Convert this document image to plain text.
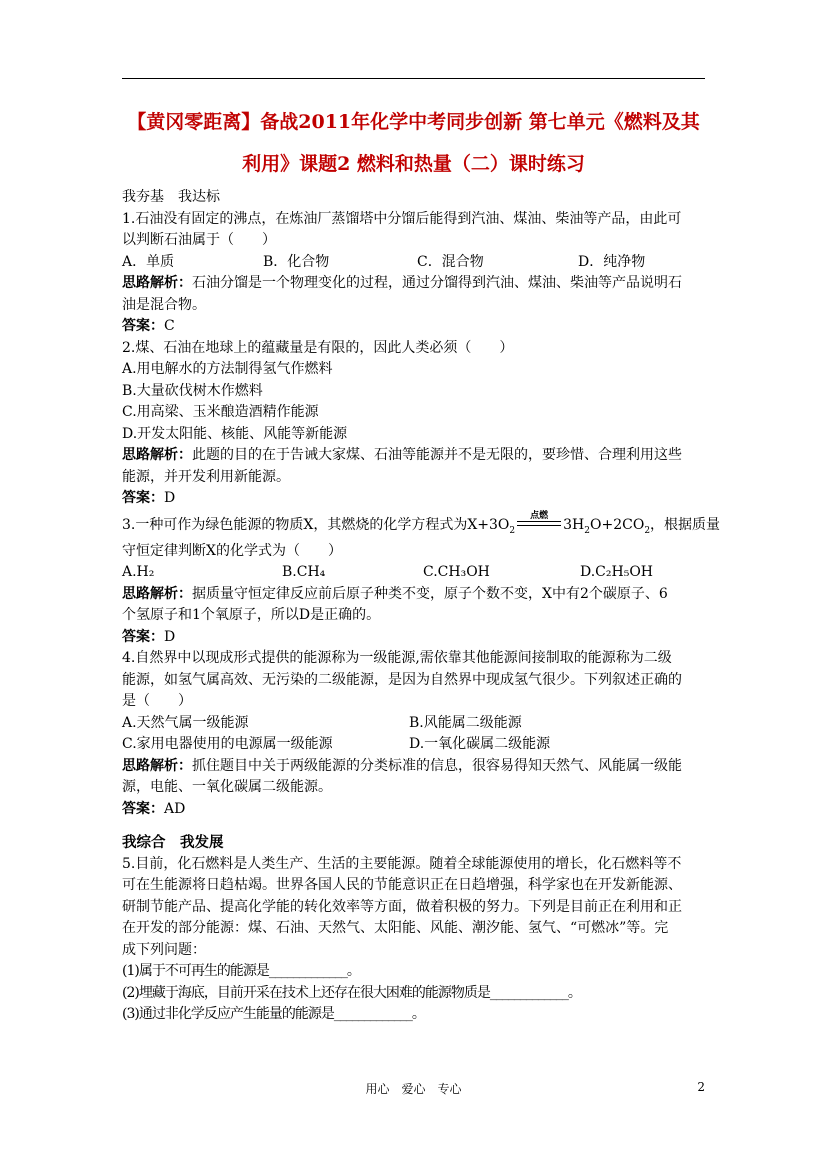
【黄冈零距离】备战2011年化学中考同步创新 第七单元《燃料及其
利用》课题2 燃料和热量（二）课时练习

我夯基　我达标

1.石油没有固定的沸点，在炼油厂蒸馏塔中分馏后能得到汽油、煤油、柴油等产品，由此可

以判断石油属于（　　）

A．单质	B．化合物	C．混合物	D．纯净物

思路解析：石油分馏是一个物理变化的过程，通过分馏得到汽油、煤油、柴油等产品说明石

油是混合物。

答案：C

2.煤、石油在地球上的蕴藏量是有限的，因此人类必须（　　）

A.用电解水的方法制得氢气作燃料

B.大量砍伐树木作燃料

C.用高梁、玉米酿造酒精作能源

D.开发太阳能、核能、风能等新能源

思路解析：此题的目的在于告诫大家煤、石油等能源并不是无限的，要珍惜、合理利用这些

能源，并开发利用新能源。

答案：D

3.一种可作为绿色能源的物质X，其燃烧的化学方程式为$X+3O_2$
点燃
$3H_2O+2CO_2$，根据质量

守恒定律判断X的化学式为（　　）

A.H₂	B.CH₄	C.CH₃OH	D.C₂H₅OH

思路解析：据质量守恒定律反应前后原子种类不变，原子个数不变，X中有2个碳原子、6

个氢原子和1个氧原子，所以D是正确的。

答案：D

4.自然界中以现成形式提供的能源称为一级能源,需依靠其他能源间接制取的能源称为二级

能源，如氢气属高效、无污染的二级能源，是因为自然界中现成氢气很少。下列叙述正确的

是（　　）

A.天然气属一级能源	B.风能属二级能源
C.家用电器使用的电源属一级能源	D.一氧化碳属二级能源

思路解析：抓住题目中关于两级能源的分类标准的信息，很容易得知天然气、风能属一级能

源，电能、一氧化碳属二级能源。

答案：AD

我综合　我发展

5.目前，化石燃料是人类生产、生活的主要能源。随着全球能源使用的增长，化石燃料等不

可在生能源将日趋枯竭。世界各国人民的节能意识正在日趋增强，科学家也在开发新能源、

研制节能产品、提高化学能的转化效率等方面，做着积极的努力。下列是目前正在利用和正

在开发的部分能源：煤、石油、天然气、太阳能、风能、潮汐能、氢气、“可燃冰”等。完

成下列问题：

(1)属于不可再生的能源是_____________。

(2)埋藏于海底，目前开采在技术上还存在很大困难的能源物质是_____________。

(3)通过非化学反应产生能量的能源是_____________。

用心　爱心　专心	2
